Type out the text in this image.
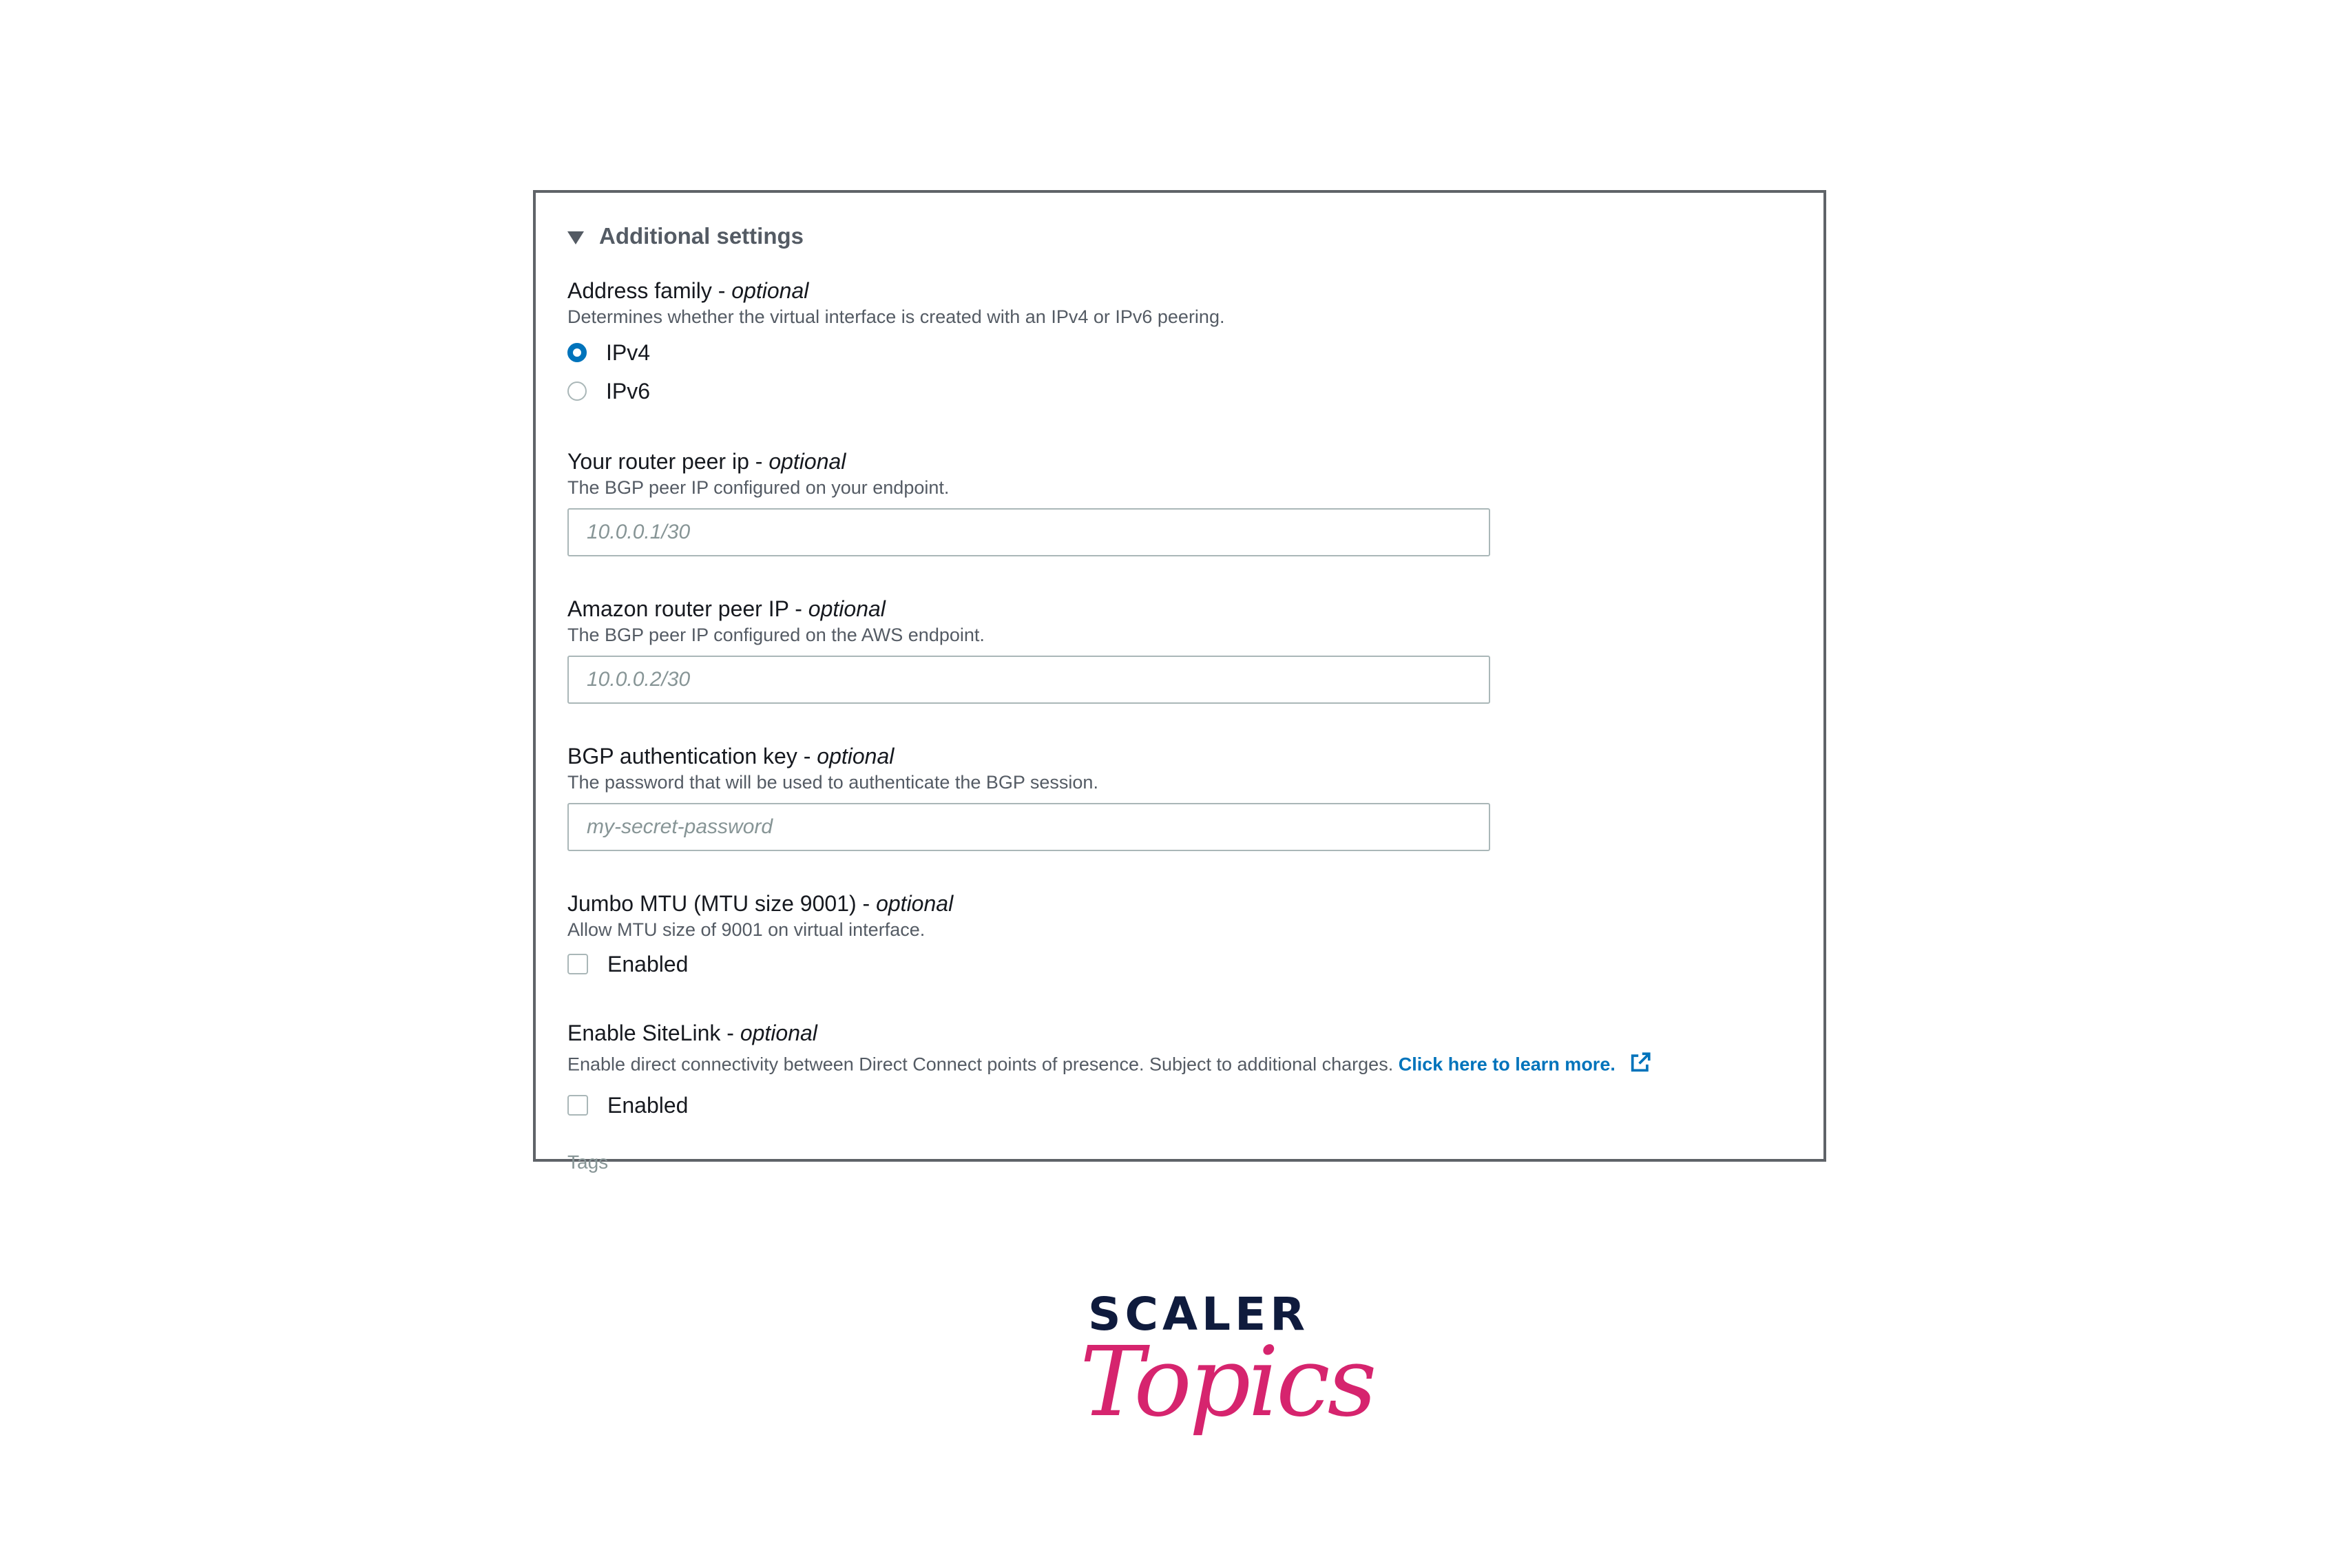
Additional settings
Address family - optional
Determines whether the virtual interface is created with an IPv4 or IPv6 peering.
IPv4
IPv6
Your router peer ip - optional
The BGP peer IP configured on your endpoint.
10.0.0.1/30
Amazon router peer IP - optional
The BGP peer IP configured on the AWS endpoint.
10.0.0.2/30
BGP authentication key - optional
The password that will be used to authenticate the BGP session.
my-secret-password
Jumbo MTU (MTU size 9001) - optional
Allow MTU size of 9001 on virtual interface.
Enabled
Enable SiteLink - optional
Enable direct connectivity between Direct Connect points of presence. Subject to additional charges. Click here to learn more.
Enabled
Tags
SCALER
Topics
